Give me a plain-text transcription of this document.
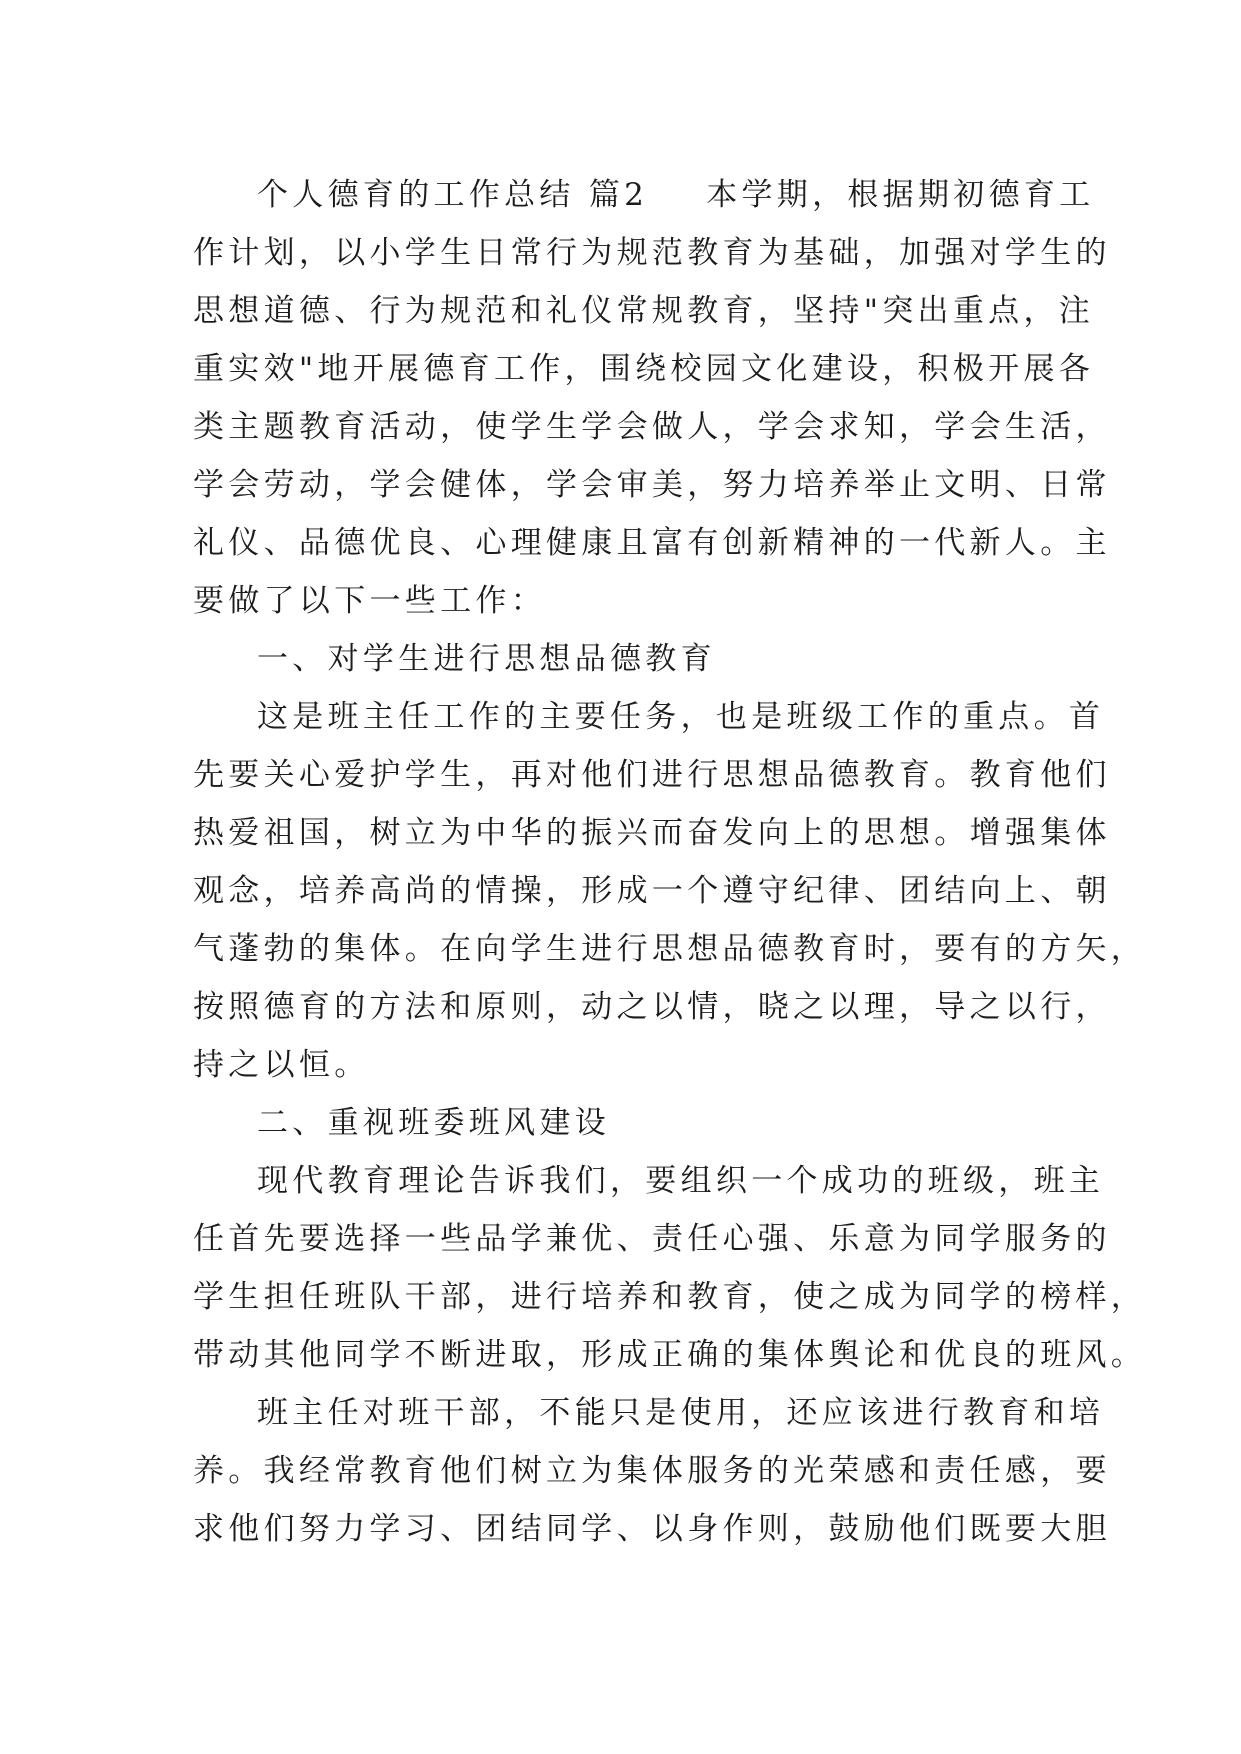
个人德育的工作总结 篇2 本学期，根据期初德育工
作计划，以小学生日常行为规范教育为基础，加强对学生的
思想道德、行为规范和礼仪常规教育，坚持"突出重点，注
重实效"地开展德育工作，围绕校园文化建设，积极开展各
类主题教育活动，使学生学会做人，学会求知，学会生活，
学会劳动，学会健体，学会审美，努力培养举止文明、日常
礼仪、品德优良、心理健康且富有创新精神的一代新人。主
要做了以下一些工作：
一、对学生进行思想品德教育
这是班主任工作的主要任务，也是班级工作的重点。首
先要关心爱护学生，再对他们进行思想品德教育。教育他们
热爱祖国，树立为中华的振兴而奋发向上的思想。增强集体
观念，培养高尚的情操，形成一个遵守纪律、团结向上、朝
气蓬勃的集体。在向学生进行思想品德教育时，要有的方矢，
按照德育的方法和原则，动之以情，晓之以理，导之以行，
持之以恒。
二、重视班委班风建设
现代教育理论告诉我们，要组织一个成功的班级，班主
任首先要选择一些品学兼优、责任心强、乐意为同学服务的
学生担任班队干部，进行培养和教育，使之成为同学的榜样，
带动其他同学不断进取，形成正确的集体舆论和优良的班风。
班主任对班干部，不能只是使用，还应该进行教育和培
养。我经常教育他们树立为集体服务的光荣感和责任感，要
求他们努力学习、团结同学、以身作则，鼓励他们既要大胆
